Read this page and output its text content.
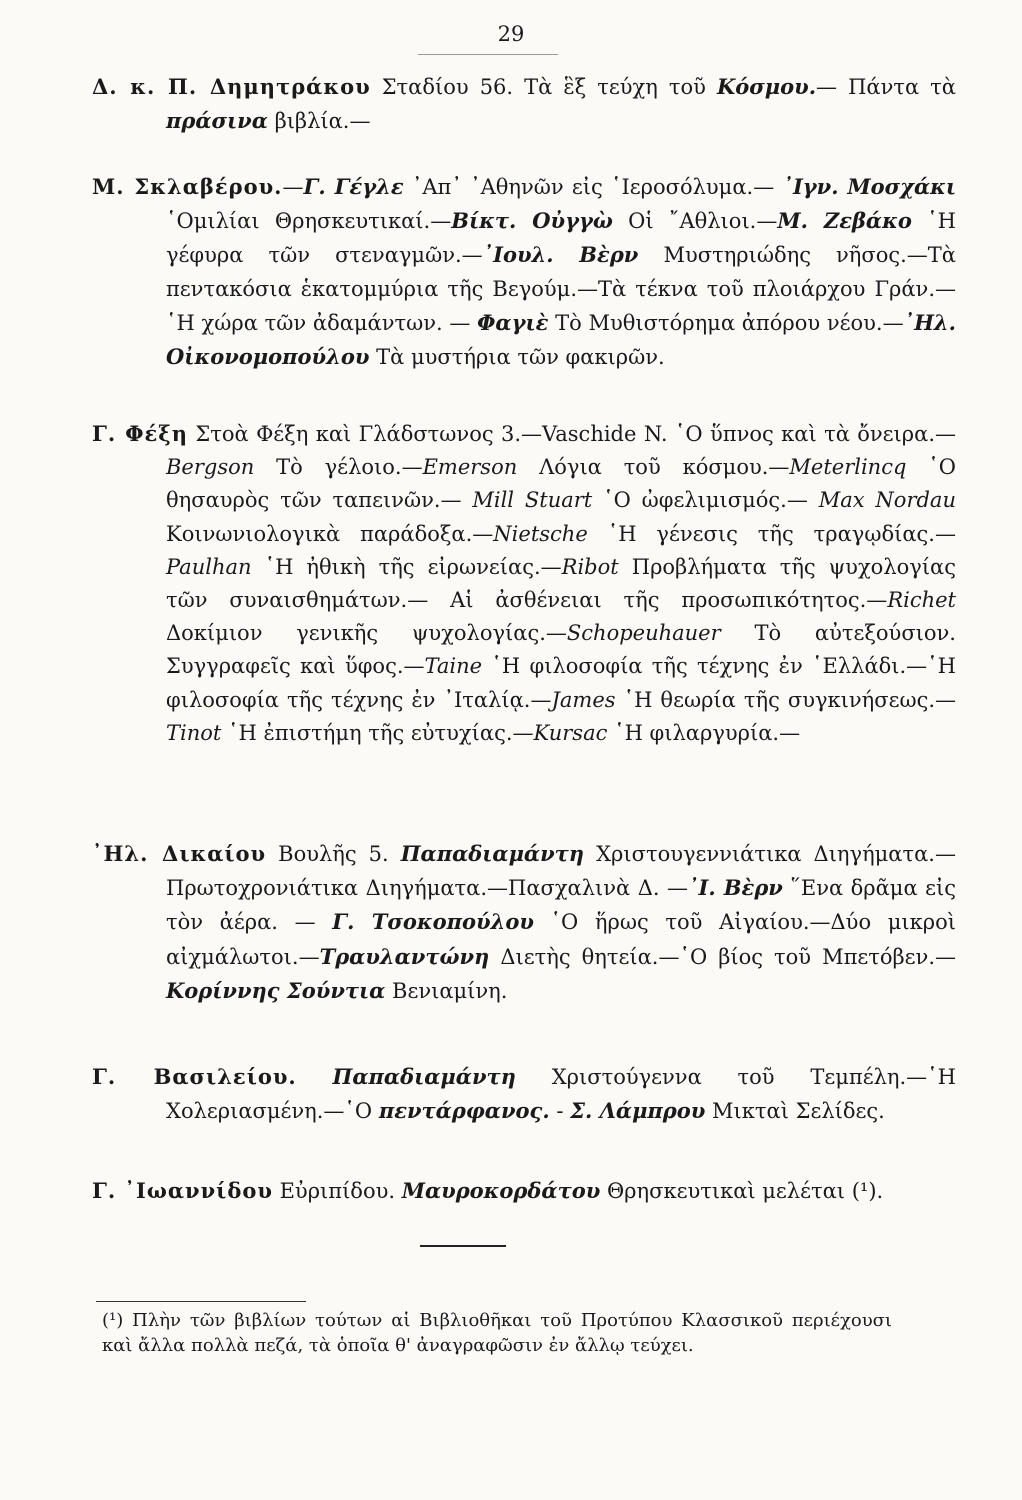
29

Δ. κ. Π. Δημητράκου Σταδίου 56. Τὰ ἓξ τεύχη τοῦ Κόσμου.— Πάντα τὰ πράσινα βιβλία.—

Μ. Σκλαβέρου.—Γ. Γέγλε ᾿Απ᾿ ᾿Αθηνῶν εἰς ῾Ιεροσόλυμα.— ᾿Ιγν. Μοσχάκι ῾Ομιλίαι Θρησκευτικαί.—Βίκτ. Οὐγγὼ Οἱ ῎Αθλιοι.—Μ. Ζεβάκο ῾Η γέφυρα τῶν στεναγμῶν.—᾿Ιουλ. Βὲρν Μυστηριώδης νῆσος.—Τὰ πεντακόσια ἑκατομμύρια τῆς Βεγούμ.—Τὰ τέκνα τοῦ πλοιάρχου Γράν.—῾Η χώρα τῶν ἀδαμάντων. — Φαγιὲ Τὸ Μυθιστόρημα ἀπόρου νέου.—᾿Ηλ. Οἰκονομοπούλου Τὰ μυστήρια τῶν φακιρῶν.

Γ. Φέξη Στοὰ Φέξη καὶ Γλάδστωνος 3.—Vaschide N. ῾Ο ὕπνος καὶ τὰ ὄνειρα.—Bergson Τὸ γέλοιο.—Emerson Λόγια τοῦ κόσμου.—Meterlincq ῾Ο θησαυρὸς τῶν ταπεινῶν.— Mill Stuart ῾Ο ὠφελιμισμός.— Max Nordau Κοινωνιολογικὰ παράδοξα.—Nietsche ῾Η γένεσις τῆς τραγῳδίας.— Paulhan ῾Η ἠθικὴ τῆς εἰρωνείας.—Ribot Προβλήματα τῆς ψυχολογίας τῶν συναισθημάτων.— Αἱ ἀσθένειαι τῆς προσωπικότητος.—Richet Δοκίμιον γενικῆς ψυχολογίας.—Schopeuhauer Τὸ αὐτεξούσιον. Συγγραφεῖς καὶ ὕφος.—Taine ῾Η φιλοσοφία τῆς τέχνης ἐν ῾Ελλάδι.—῾Η φιλοσοφία τῆς τέχνης ἐν ᾿Ιταλίᾳ.—James ῾Η θεωρία τῆς συγκινήσεως.—Tinot ῾Η ἐπιστήμη τῆς εὐτυχίας.—Kursac ῾Η φιλαργυρία.—

᾿Ηλ. Δικαίου Βουλῆς 5. Παπαδιαμάντη Χριστουγεννιάτικα Διηγήματα.—Πρωτοχρονιάτικα Διηγήματα.—Πασχαλινὰ Δ. —᾿Ι. Βὲρν ῞Ενα δρᾶμα εἰς τὸν ἀέρα. — Γ. Τσοκοπούλου ῾Ο ἥρως τοῦ Αἰγαίου.—Δύο μικροὶ αἰχμάλωτοι.—Τραυλαντώνη Διετὴς θητεία.—῾Ο βίος τοῦ Μπετόβεν.—Κορίννης Σούντια Βενιαμίνη.

Γ. Βασιλείου. Παπαδιαμάντη Χριστούγεννα τοῦ Τεμπέλη.—῾Η Χολεριασμένη.—῾Ο πεντάρφανος. - Σ. Λάμπρου Μικταὶ Σελίδες.

Γ. ᾿Ιωαννίδου Εὐριπίδου. Μαυροκορδάτου Θρησκευτικαὶ μελέται (¹).

(¹) Πλὴν τῶν βιβλίων τούτων αἱ Βιβλιοθῆκαι τοῦ Προτύπου Κλασσικοῦ περιέχουσι καὶ ἄλλα πολλὰ πεζά, τὰ ὁποῖα θ' ἀναγραφῶσιν ἐν ἄλλῳ τεύχει.
